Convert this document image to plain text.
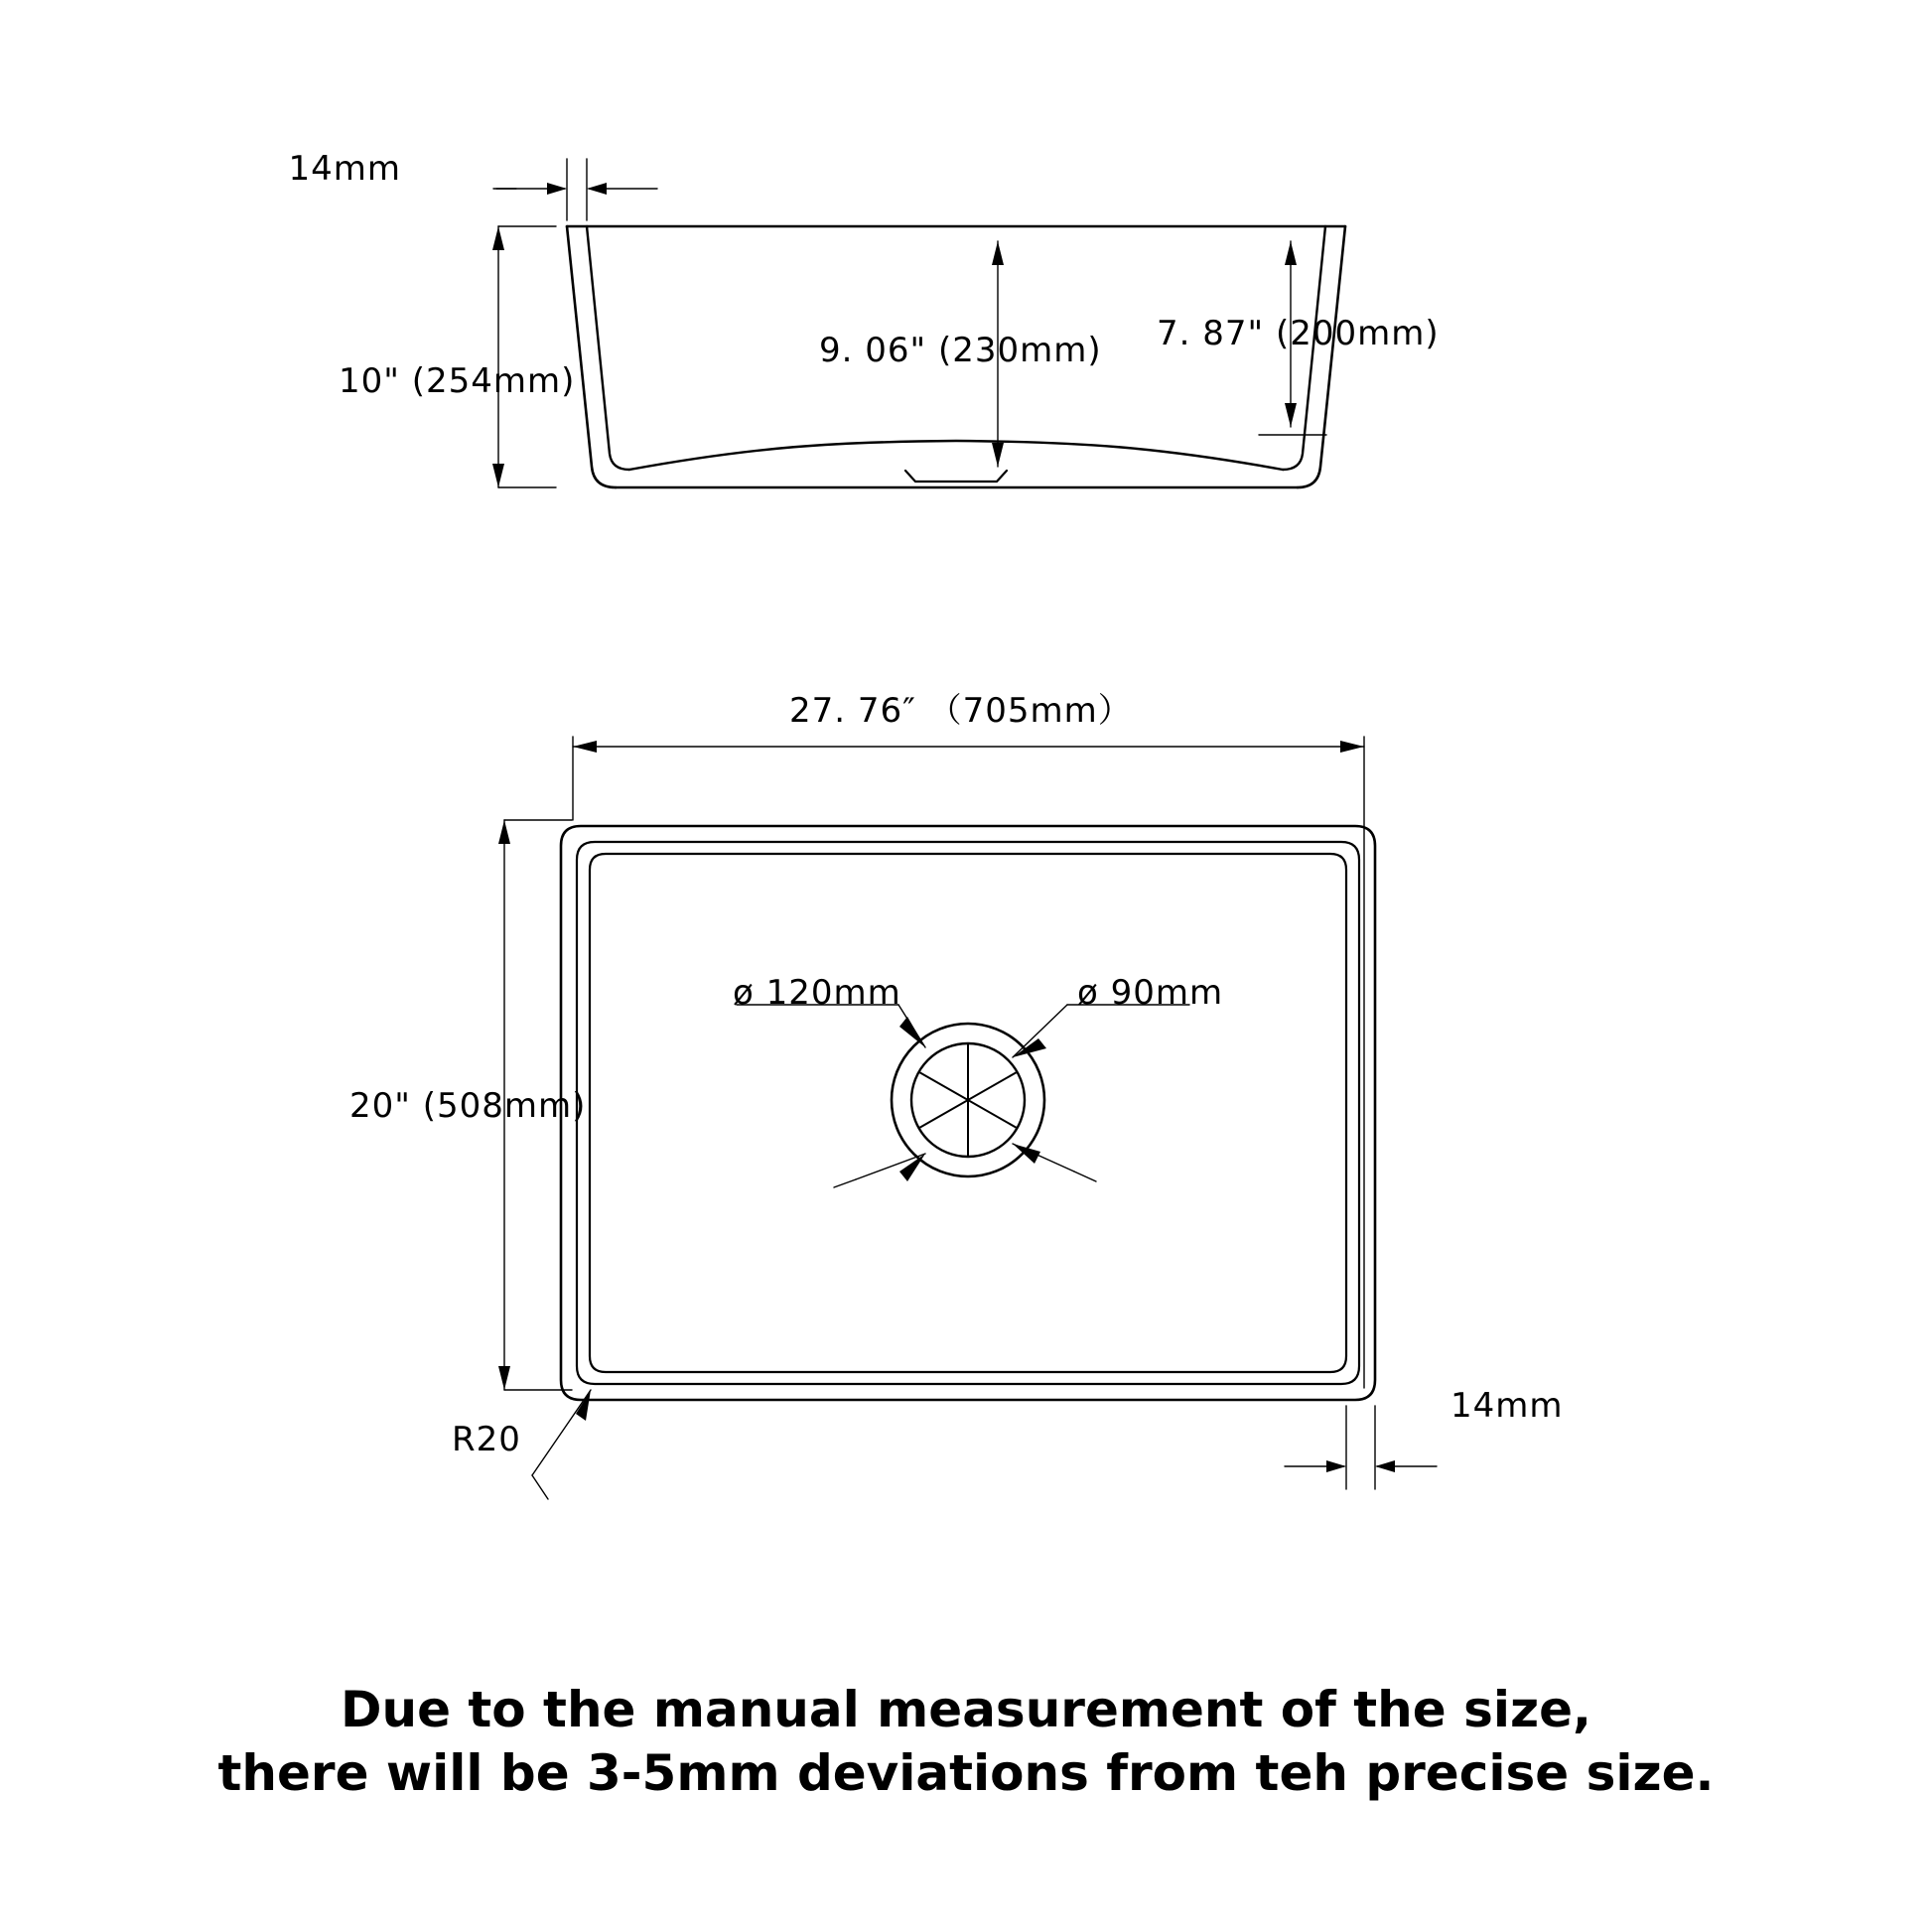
14mm
10" (254mm)
9. 06" (230mm) 7. 87" (200mm)
27. 76″ （705mm）
20" (508mm)
ø 120mm	ø 90mm
R20
14mm
Due to the manual measurement of the size,
there will be 3-5mm deviations from teh precise size.
